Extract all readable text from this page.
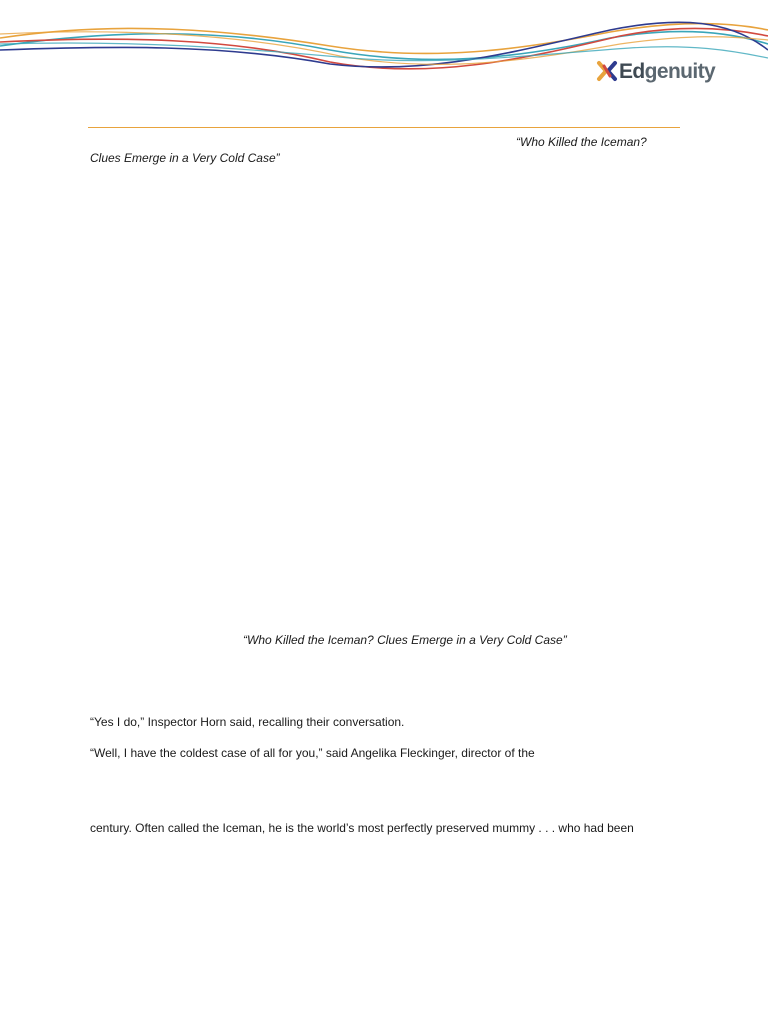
Edgenuity
“Who Killed the Iceman?
Clues Emerge in a Very Cold Case”
“Who Killed the Iceman? Clues Emerge in a Very Cold Case”
“Yes I do,” Inspector Horn said, recalling their conversation.
“Well, I have the coldest case of all for you,” said Angelika Fleckinger, director of the
century. Often called the Iceman, he is the world’s most perfectly preserved mummy . . . who had been
